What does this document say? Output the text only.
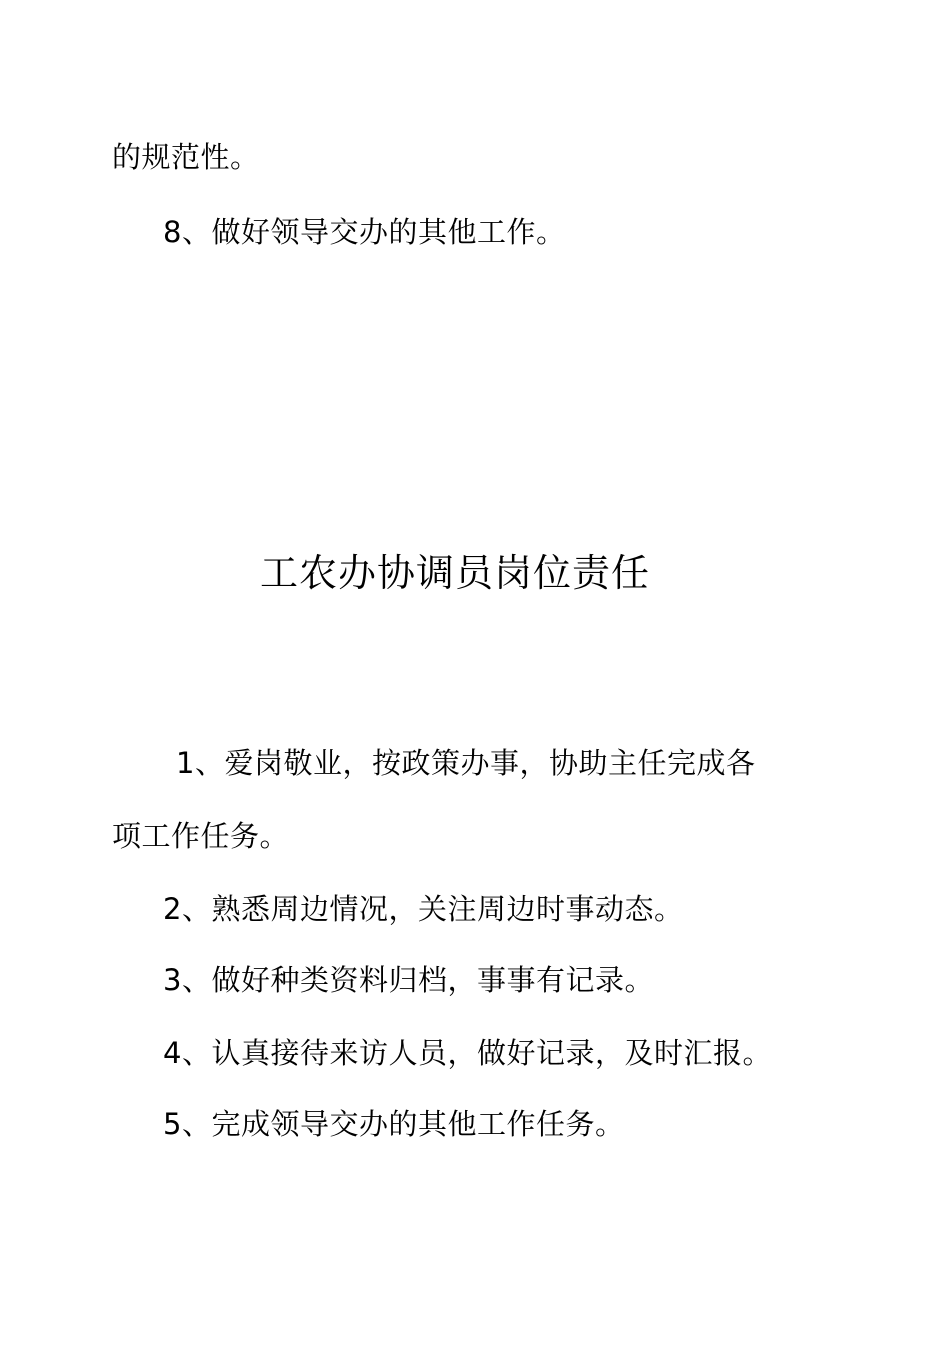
的规范性。
8、做好领导交办的其他工作。
工农办协调员岗位责任
1、爱岗敬业，按政策办事，协助主任完成各
项工作任务。
2、熟悉周边情况，关注周边时事动态。
3、做好种类资料归档，事事有记录。
4、认真接待来访人员，做好记录，及时汇报。
5、完成领导交办的其他工作任务。
